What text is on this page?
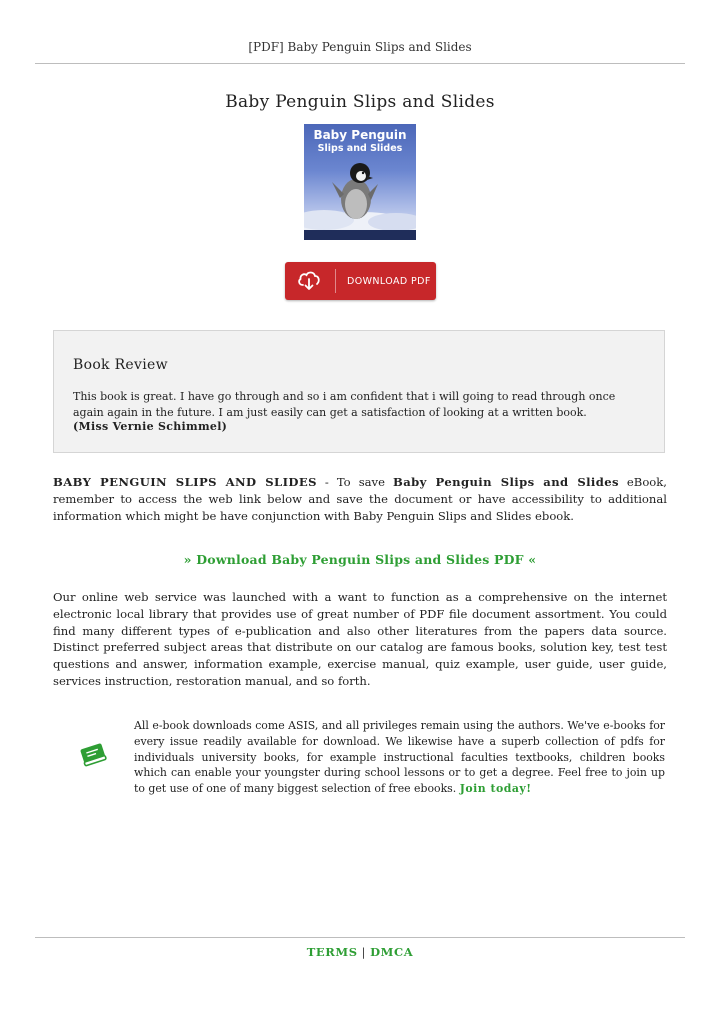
[PDF] Baby Penguin Slips and Slides
Baby Penguin Slips and Slides
Baby Penguin
Slips and Slides
DOWNLOAD PDF
Book Review
This book is great. I have go through and so i am confident that i will going to read through once again again in the future. I am just easily can get a satisfaction of looking at a written book.
(Miss Vernie Schimmel)
BABY PENGUIN SLIPS AND SLIDES - To save Baby Penguin Slips and Slides eBook, remember to access the web link below and save the document or have accessibility to additional information which might be have conjunction with Baby Penguin Slips and Slides ebook.
» Download Baby Penguin Slips and Slides PDF «
Our online web service was launched with a want to function as a comprehensive on the internet electronic local library that provides use of great number of PDF file document assortment. You could find many different types of e-publication and also other literatures from the papers data source. Distinct preferred subject areas that distribute on our catalog are famous books, solution key, test test questions and answer, information example, exercise manual, quiz example, user guide, user guide, services instruction, restoration manual, and so forth.
All e-book downloads come ASIS, and all privileges remain using the authors. We've e-books for every issue readily available for download. We likewise have a superb collection of pdfs for individuals university books, for example instructional faculties textbooks, children books which can enable your youngster during school lessons or to get a degree. Feel free to join up to get use of one of many biggest selection of free ebooks. Join today!
TERMS | DMCA
